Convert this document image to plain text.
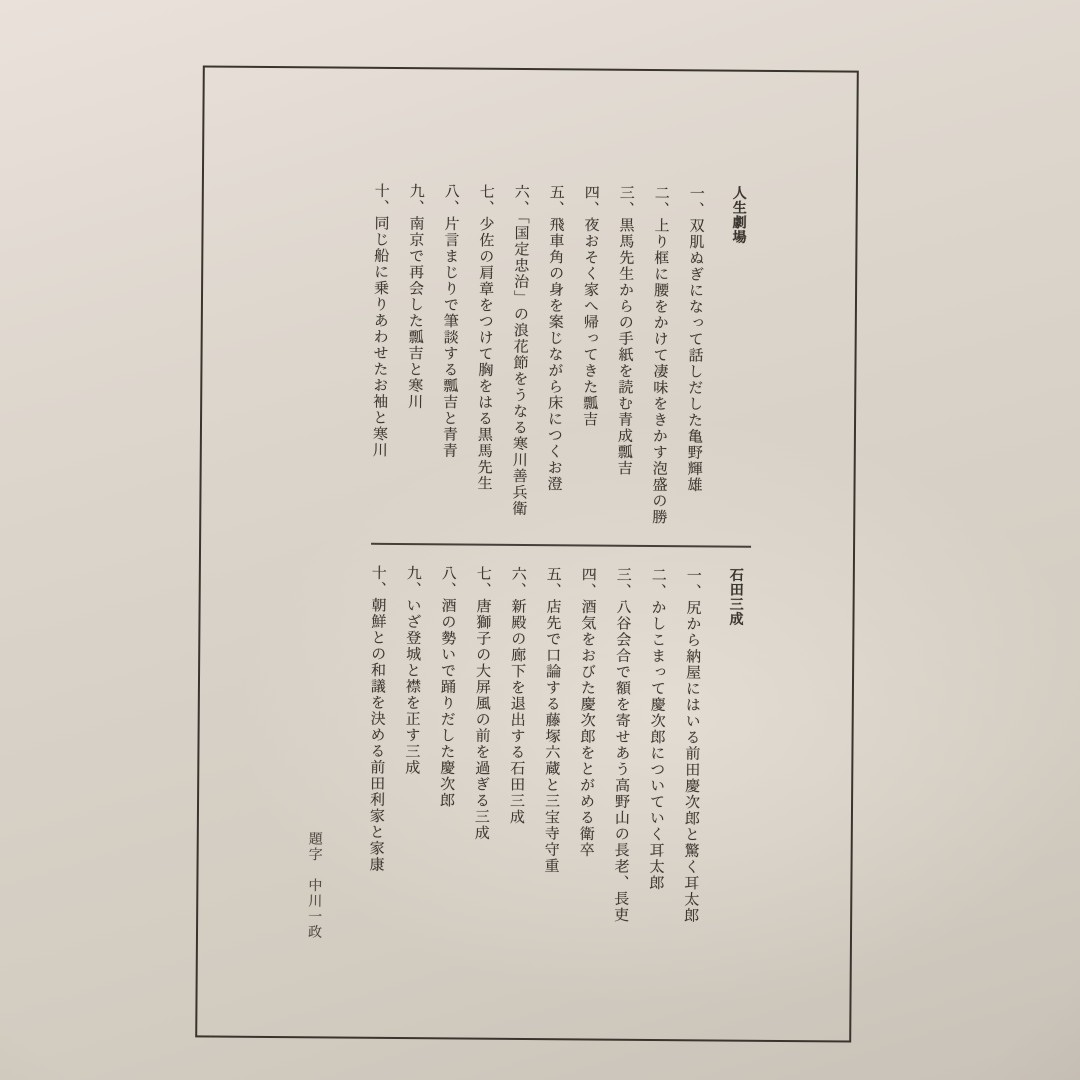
人生劇場
一、双肌ぬぎになって話しだした亀野輝雄
二、上り框に腰をかけて凄味をきかす泡盛の勝
三、黒馬先生からの手紙を読む青成瓢吉
四、夜おそく家へ帰ってきた瓢吉
五、飛車角の身を案じながら床につくお澄
六、「国定忠治」の浪花節をうなる寒川善兵衛
七、少佐の肩章をつけて胸をはる黒馬先生
八、片言まじりで筆談する瓢吉と青青
九、南京で再会した瓢吉と寒川
十、同じ船に乗りあわせたお袖と寒川
石田三成
一、尻から納屋にはいる前田慶次郎と驚く耳太郎
二、かしこまって慶次郎についていく耳太郎
三、八谷会合で額を寄せあう高野山の長老、長吏
四、酒気をおびた慶次郎をとがめる衛卒
五、店先で口論する藤塚六蔵と三宝寺守重
六、新殿の廊下を退出する石田三成
七、唐獅子の大屏風の前を過ぎる三成
八、酒の勢いで踊りだした慶次郎
九、いざ登城と襟を正す三成
十、朝鮮との和議を決める前田利家と家康
題字　中川一政
